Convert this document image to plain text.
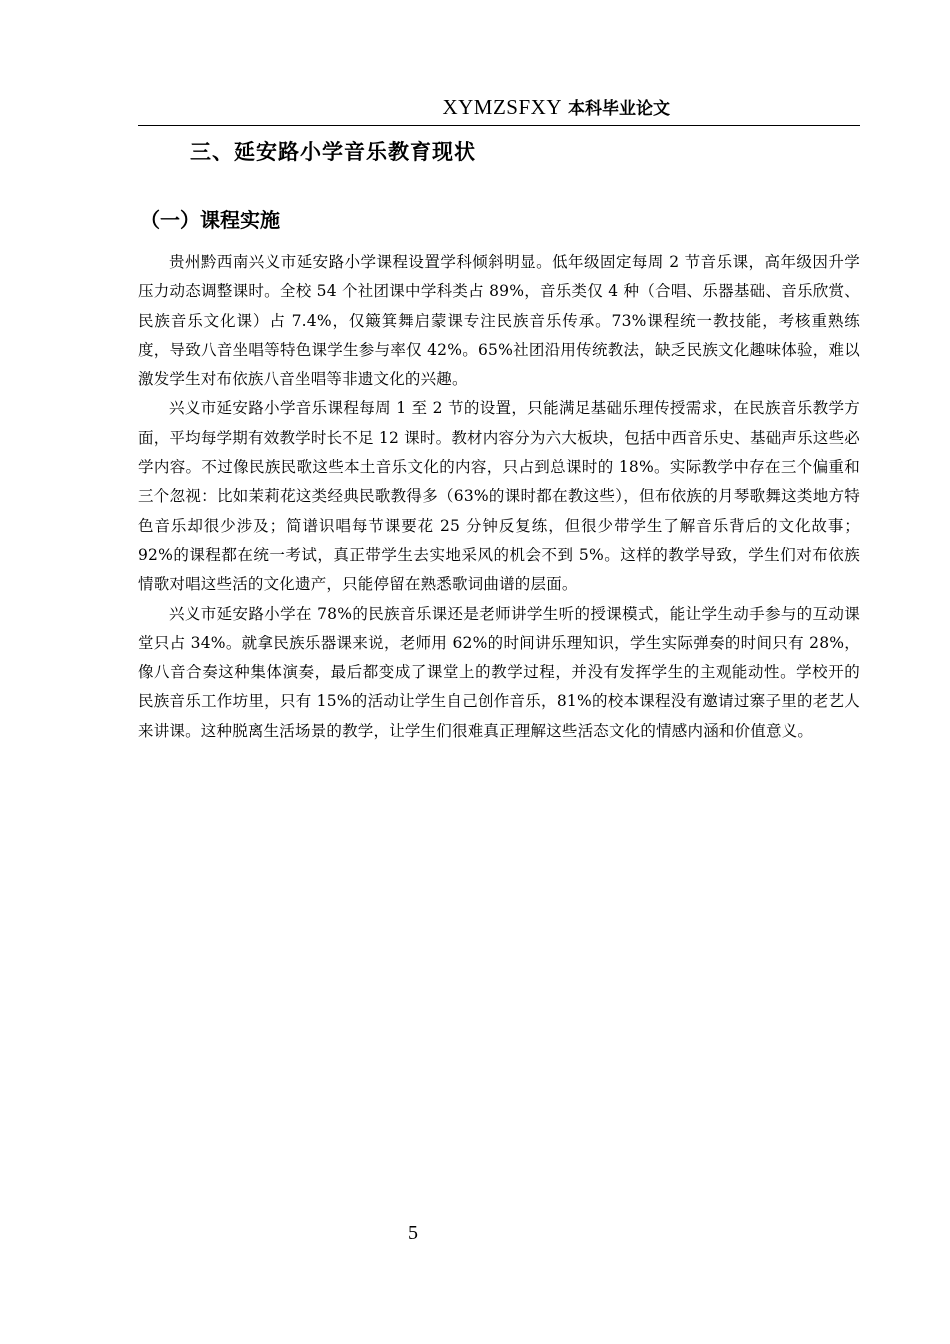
XYMZSFXY 本科毕业论文
三、延安路小学音乐教育现状
（一）课程实施

贵州黔西南兴义市延安路小学课程设置学科倾斜明显。低年级固定每周 2 节音乐课，高年级因升学压力动态调整课时。全校 54 个社团课中学科类占 89%，音乐类仅 4 种（合唱、乐器基础、音乐欣赏、民族音乐文化课）占 7.4%，仅簸箕舞启蒙课专注民族音乐传承。73%课程统一教技能，考核重熟练度，导致八音坐唱等特色课学生参与率仅 42%。65%社团沿用传统教法，缺乏民族文化趣味体验，难以激发学生对布依族八音坐唱等非遗文化的兴趣。

兴义市延安路小学音乐课程每周 1 至 2 节的设置，只能满足基础乐理传授需求，在民族音乐教学方面，平均每学期有效教学时长不足 12 课时。教材内容分为六大板块，包括中西音乐史、基础声乐这些必学内容。不过像民族民歌这些本土音乐文化的内容，只占到总课时的 18%。实际教学中存在三个偏重和三个忽视：比如茉莉花这类经典民歌教得多（63%的课时都在教这些），但布依族的月琴歌舞这类地方特色音乐却很少涉及；简谱识唱每节课要花 25 分钟反复练，但很少带学生了解音乐背后的文化故事；92%的课程都在统一考试，真正带学生去实地采风的机会不到 5%。这样的教学导致，学生们对布依族情歌对唱这些活的文化遗产，只能停留在熟悉歌词曲谱的层面。

兴义市延安路小学在 78%的民族音乐课还是老师讲学生听的授课模式，能让学生动手参与的互动课堂只占 34%。就拿民族乐器课来说，老师用 62%的时间讲乐理知识，学生实际弹奏的时间只有 28%，像八音合奏这种集体演奏，最后都变成了课堂上的教学过程，并没有发挥学生的主观能动性。学校开的民族音乐工作坊里，只有 15%的活动让学生自己创作音乐，81%的校本课程没有邀请过寨子里的老艺人来讲课。这种脱离生活场景的教学，让学生们很难真正理解这些活态文化的情感内涵和价值意义。

5
